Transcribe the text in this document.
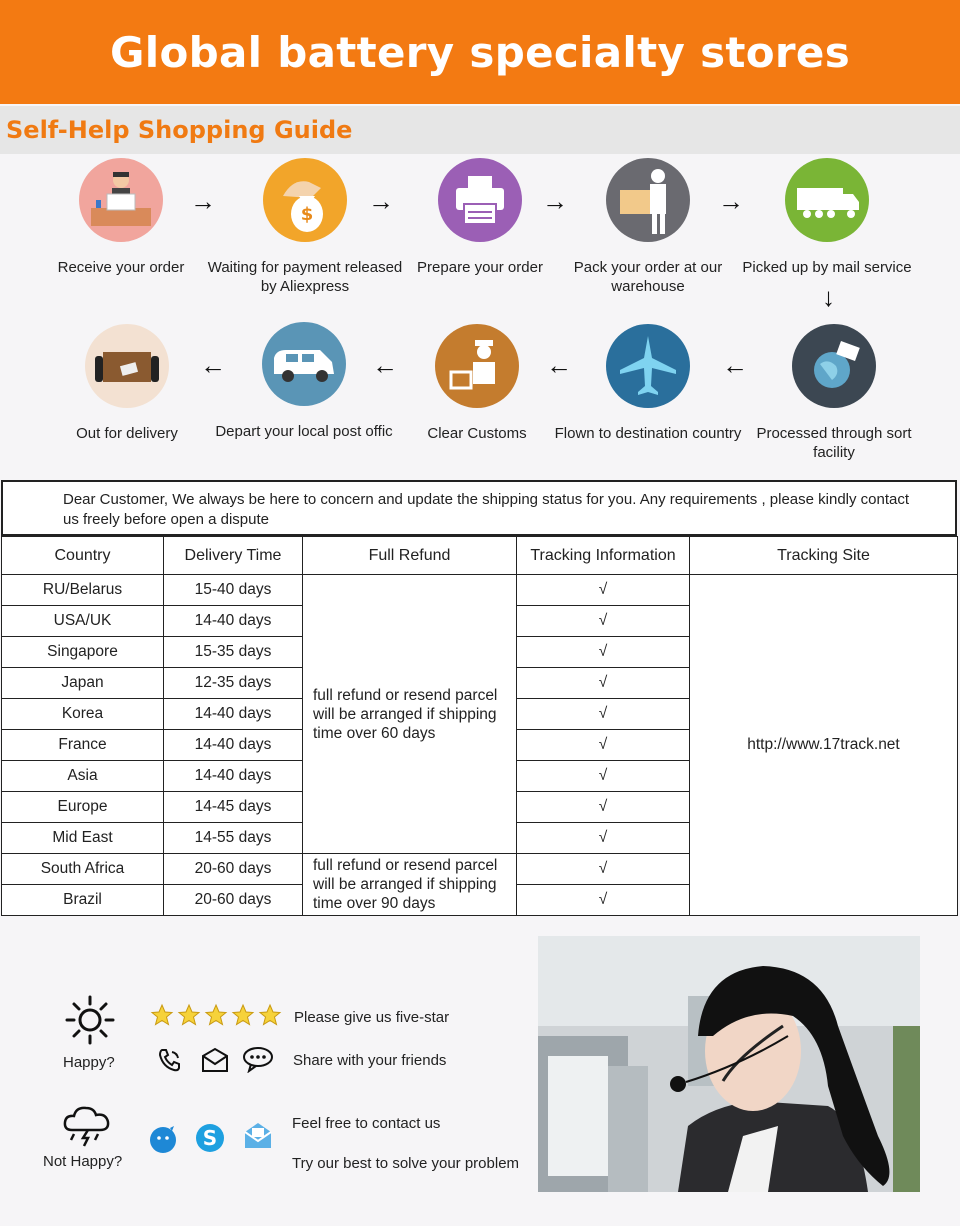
Global battery specialty stores
Self-Help Shopping Guide
Receive your order
→	$
Waiting for payment released by Aliexpress
→
Prepare your order
→
Pack your order at our warehouse
→
Picked up by mail service
↓
Out for delivery
←
Depart your local post offic
←
Clear Customs
←
Flown to destination country
←
Processed through sort facility

Dear Customer, We always be here to concern and update the shipping status for you. Any requirements , please kindly contact us freely before open a dispute

Country	Delivery Time	Full Refund	Tracking Information	Tracking Site
RU/Belarus	15-40 days	full refund or resend parcel will be arranged if shipping time over 60 days	√	http://www.17track.net
USA/UK	14-40 days		√	
Singapore	15-35 days		√	
Japan	12-35 days		√	
Korea	14-40 days		√	
France	14-40 days		√	
Asia	14-40 days		√	
Europe	14-45 days		√	
Mid East	14-55 days		√	
South Africa	20-60 days	full refund or resend parcel will be arranged if shipping time over 90 days	√	
Brazil	20-60 days		√	
Happy?
Please give us five-star
Share with your friends
Not Happy?
S
Feel free to contact us
Try our best to solve your problem
